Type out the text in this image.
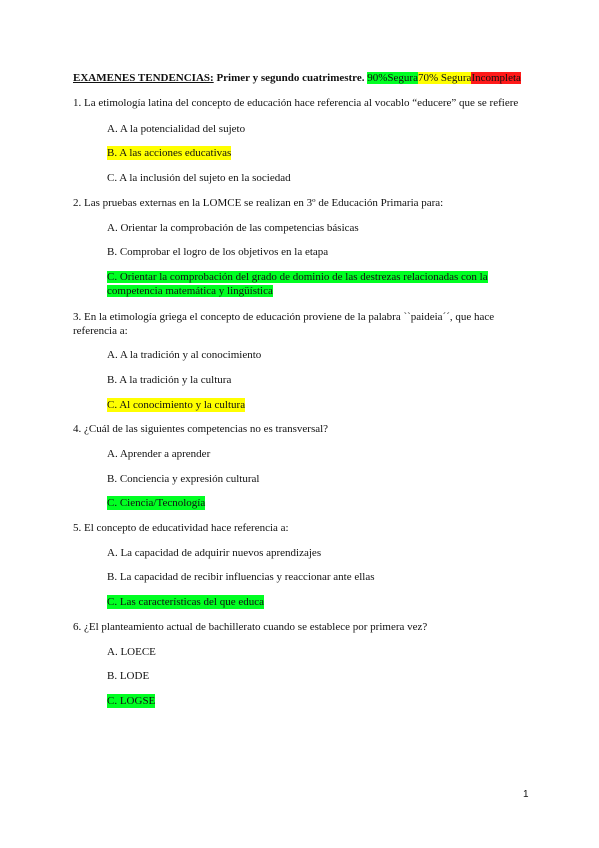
EXAMENES TENDENCIAS: Primer y segundo cuatrimestre. 90%Segura70% SeguraIncompleta
1. La etimología latina del concepto de educación hace referencia al vocablo “educere” que se refiere
A. A la potencialidad del sujeto
B. A las acciones educativas
C. A la inclusión del sujeto en la sociedad
2. Las pruebas externas en la LOMCE se realizan en 3º de Educación Primaria para:
A. Orientar la comprobación de las competencias básicas
B. Comprobar el logro de los objetivos en la etapa
C. Orientar la comprobación del grado de dominio de las destrezas relacionadas con la competencia matemática y lingüística
3. En la etimología griega el concepto de educación proviene de la palabra ``paideia´´, que hace referencia a:
A. A la tradición y al conocimiento
B. A la tradición y la cultura
C. Al conocimiento y la cultura
4. ¿Cuál de las siguientes competencias no es transversal?
A. Aprender a aprender
B. Conciencia y expresión cultural
C. Ciencia/Tecnología
5. El concepto de educatividad hace referencia a:
A. La capacidad de adquirir nuevos aprendizajes
B. La capacidad de recibir influencias y reaccionar ante ellas
C. Las características del que educa
6. ¿El planteamiento actual de bachillerato cuando se establece por primera vez?
A. LOECE
B. LODE
C. LOGSE
1
